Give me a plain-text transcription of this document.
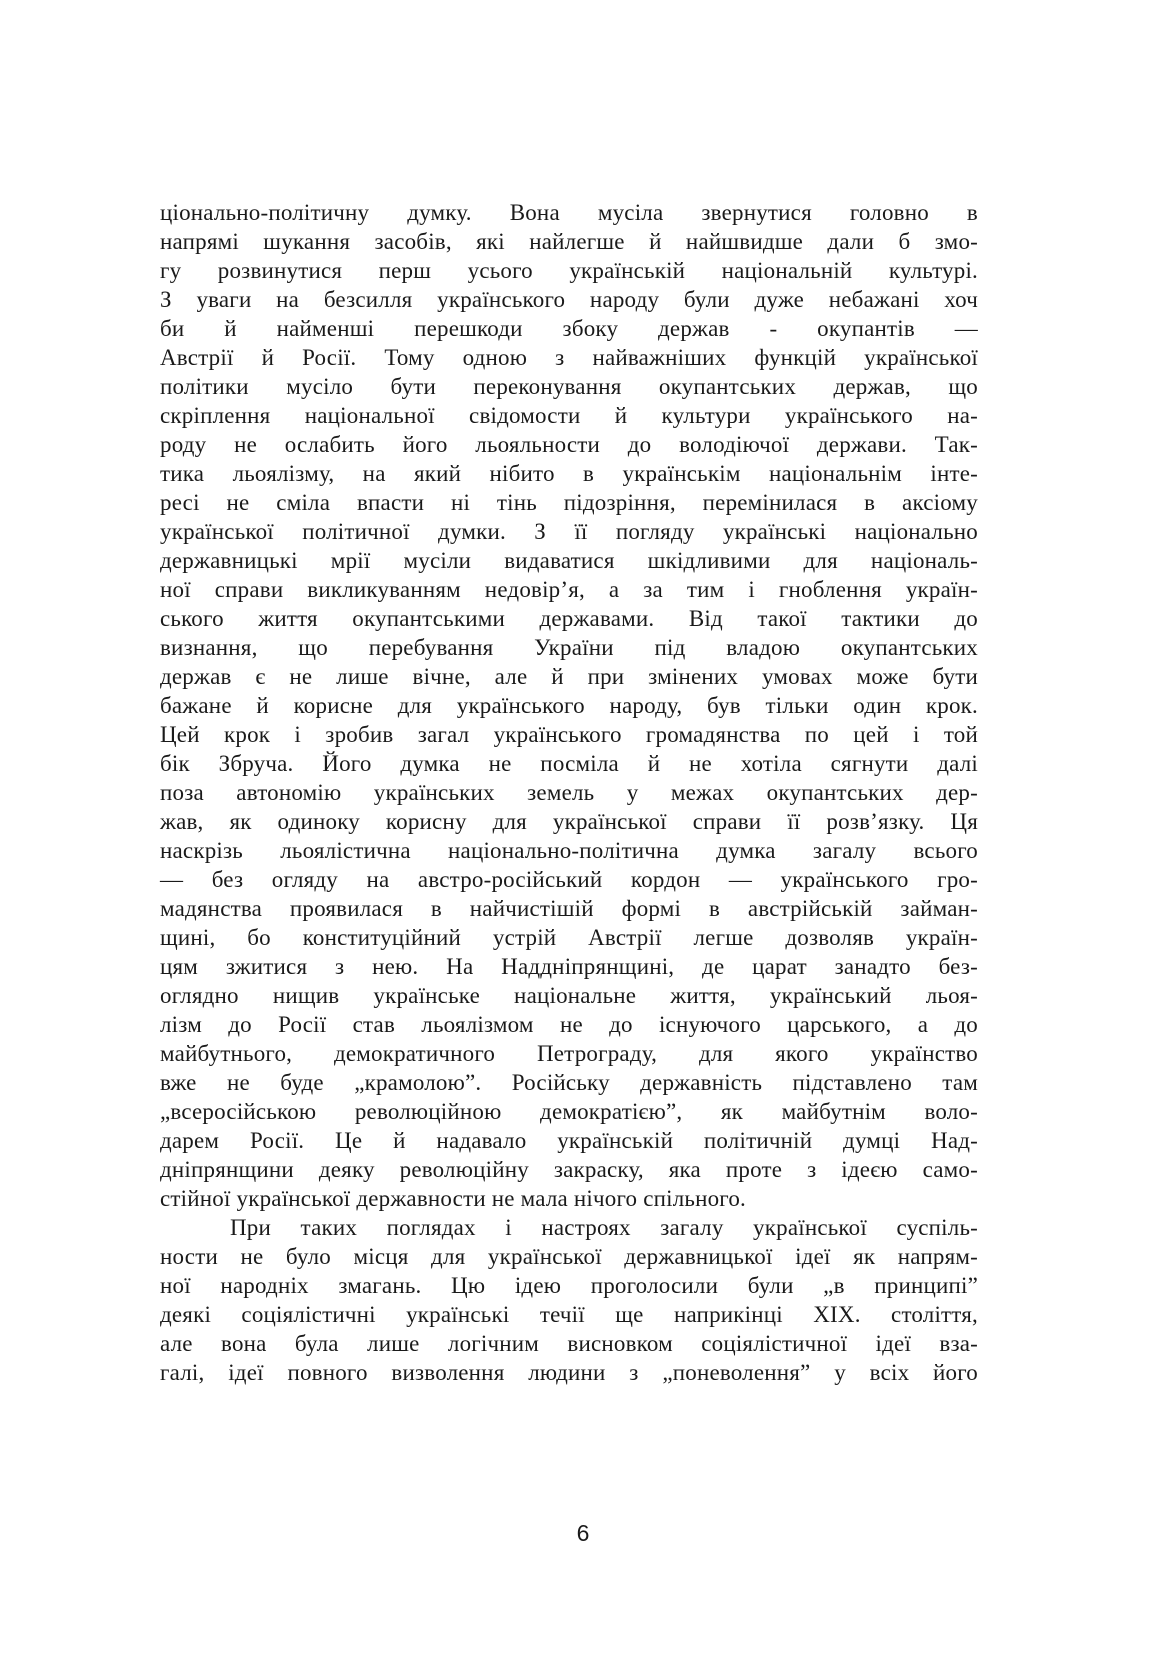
ціонально-політичну думку. Вона мусіла звернутися головно в
напрямі шукання засобів, які найлегше й найшвидше дали б змо-
гу розвинутися перш усього українській національній культурі.
З уваги на безсилля українського народу були дуже небажані хоч
би й найменші перешкоди збоку держав - окупантів —
Австрії й Росії. Тому одною з найважніших функцій української
політики мусіло бути переконування окупантських держав, що
скріплення національної свідомости й культури українського на-
роду не ослабить його льояльности до володіючої держави. Так-
тика льоялізму, на який нібито в українськім національнім інте-
ресі не сміла впасти ні тінь підозріння, перемінилася в аксіому
української політичної думки. З її погляду українські національно
державницькі мрії мусіли видаватися шкідливими для національ-
ної справи викликуванням недовір’я, а за тим і гноблення україн-
ського життя окупантськими державами. Від такої тактики до
визнання, що перебування України під владою окупантських
держав є не лише вічне, але й при змінених умовах може бути
бажане й корисне для українського народу, був тільки один крок.
Цей крок і зробив загал українського громадянства по цей і той
бік Збруча. Його думка не посміла й не хотіла сягнути далі
поза автономію українських земель у межах окупантських дер-
жав, як одиноку корисну для української справи її розв’язку. Ця
наскрізь льоялістична національно-політична думка загалу всього
— без огляду на австро-російський кордон — українського гро-
мадянства проявилася в найчистішій формі в австрійській займан-
щині, бо конституційний устрій Австрії легше дозволяв україн-
цям зжитися з нею. На Наддніпрянщині, де царат занадто без-
оглядно нищив українське національне життя, український льоя-
лізм до Росії став льоялізмом не до існуючого царського, а до
майбутнього, демократичного Петрограду, для якого українство
вже не буде „крамолою”. Російську державність підставлено там
„всеросійською революційною демократією”, як майбутнім воло-
дарем Росії. Це й надавало українській політичній думці Над-
дніпрянщини деяку революційну закраску, яка проте з ідеєю само-
стійної української державности не мала нічого спільного.
При таких поглядах і настроях загалу української суспіль-
ности не було місця для української державницької ідеї як напрям-
ної народніх змагань. Цю ідею проголосили були „в принципі”
деякі соціялістичні українські течії ще наприкінці XIX. століття,
але вона була лише логічним висновком соціялістичної ідеї вза-
галі, ідеї повного визволення людини з „поневолення” у всіх його
6
